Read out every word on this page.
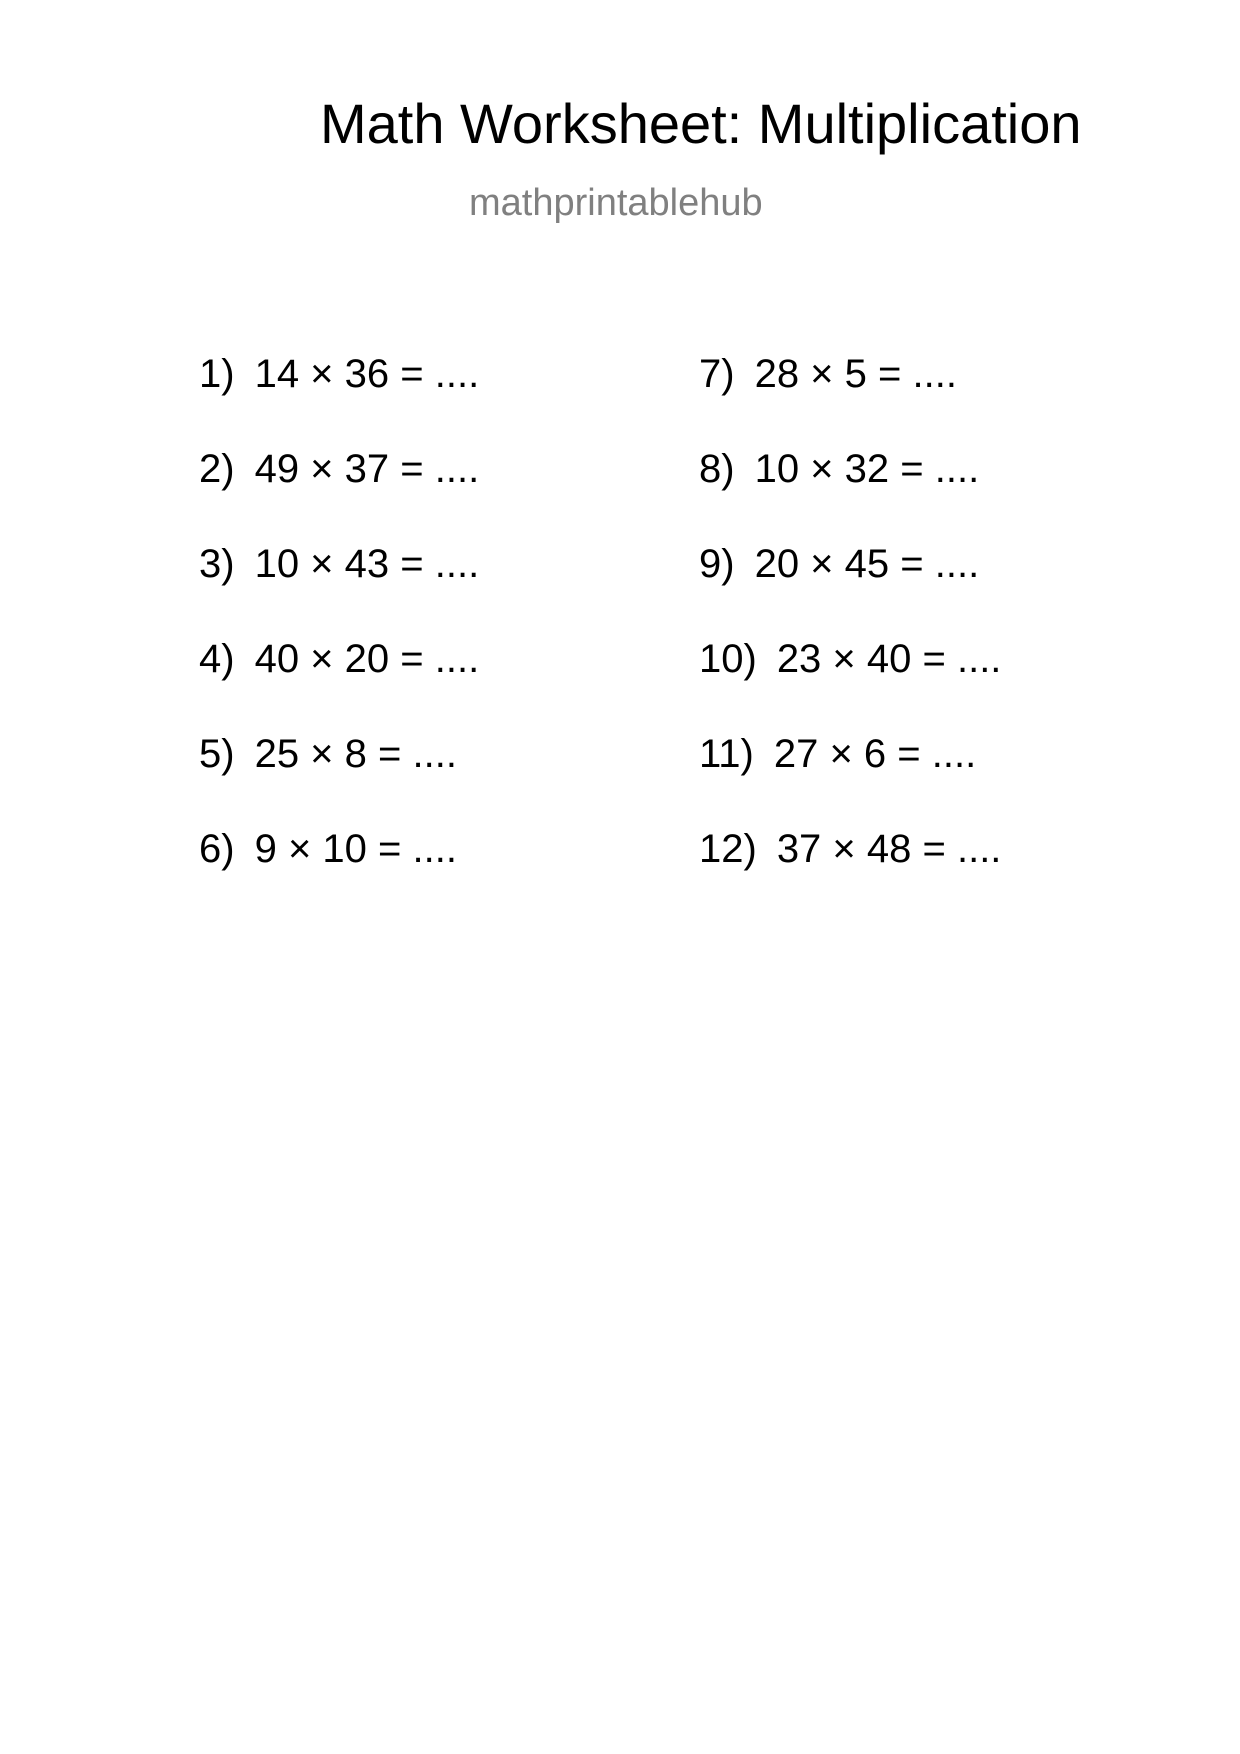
Math Worksheet: Multiplication
mathprintablehub
1) 14 × 36 = ....
2) 49 × 37 = ....
3) 10 × 43 = ....
4) 40 × 20 = ....
5) 25 × 8 = ....
6) 9 × 10 = ....
7) 28 × 5 = ....
8) 10 × 32 = ....
9) 20 × 45 = ....
10) 23 × 40 = ....
11) 27 × 6 = ....
12) 37 × 48 = ....
